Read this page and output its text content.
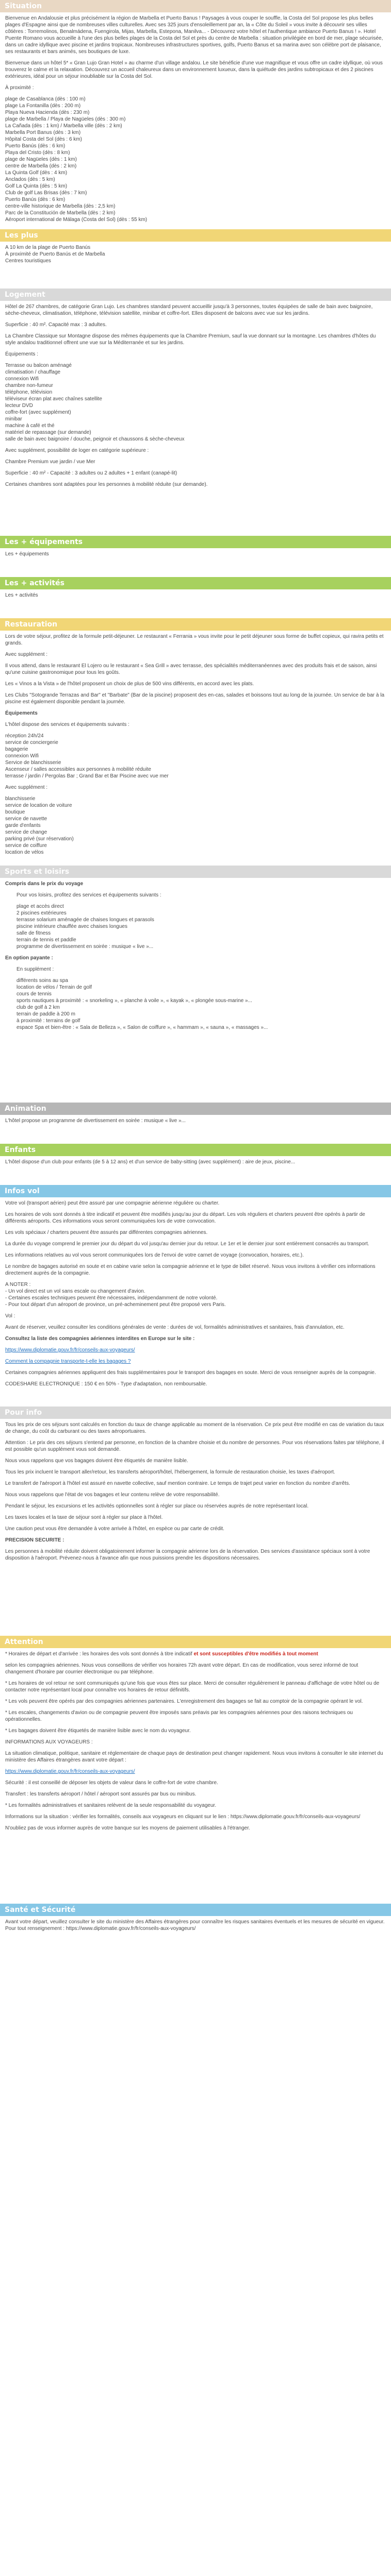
Situation

Bienvenue en Andalousie et plus précisément la région de Marbella et Puerto Banus ! Paysages à vous couper le souffle, la Costa del Sol propose les plus belles plages d'Espagne ainsi que de nombreuses villes culturelles. Avec ses 325 jours d'ensoleillement par an, la « Côte du Soleil » vous invite à découvrir ses villes côtières : Torremolinos, Benalmádena, Fuengirola, Mijas, Marbella, Estepona, Manilva... - Découvrez votre hôtel et l'authentique ambiance Puerto Banus ! ». Hotel Puente Romano vous accueille à l'une des plus belles plages de la Costa del Sol et près du centre de Marbella : situation privilégiée en bord de mer, plage sécurisée, dans un cadre idyllique avec piscine et jardins tropicaux. Nombreuses infrastructures sportives, golfs, Puerto Banus et sa marina avec son célèbre port de plaisance, ses restaurants et bars animés, ses boutiques de luxe.

Bienvenue dans un hôtel 5* « Gran Lujo Gran Hotel » au charme d'un village andalou. Le site bénéficie d'une vue magnifique et vous offre un cadre idyllique, où vous trouverez le calme et la relaxation. Découvrez un accueil chaleureux dans un environnement luxueux, dans la quiétude des jardins subtropicaux et des 2 piscines extérieures, idéal pour un séjour inoubliable sur la Costa del Sol.

À proximité :

plage de Casablanca (dès : 100 m)
plage La Fontanilla (dès : 200 m)
Playa Nueva Hacienda (dès : 230 m)
plage de Marbella / Playa de Nagüeles (dès : 300 m)
La Cañada (dès : 1 km) / Marbella ville (dès : 2 km)
Marbella Port Banus (dès : 3 km)
Hôpital Costa del Sol (dès : 6 km)
Puerto Banús (dès : 6 km)
Playa del Cristo (dès : 8 km)
plage de Nagüeles (dès : 1 km)
centre de Marbella (dès : 2 km)
La Quinta Golf (dès : 4 km)
Anclados (dès : 5 km)
Golf La Quinta (dès : 5 km)
Club de golf Las Brisas (dès : 7 km)
Puerto Banús (dès : 6 km)
centre-ville historique de Marbella (dès : 2,5 km)
Parc de la Constitución de Marbella (dès : 2 km)
Aéroport international de Málaga (Costa del Sol) (dès : 55 km)
Les plus
A 10 km de la plage de Puerto Banús
À proximité de Puerto Banús et de Marbella
Centres touristiques
Logement

Hôtel de 267 chambres, de catégorie Gran Lujo. Les chambres standard peuvent accueillir jusqu'à 3 personnes, toutes équipées de salle de bain avec baignoire, sèche-cheveux, climatisation, téléphone, télévision satellite, minibar et coffre-fort. Elles disposent de balcons avec vue sur les jardins.

Superficie : 40 m². Capacité max : 3 adultes.

La Chambre Classique sur Montagne dispose des mêmes équipements que la Chambre Premium, sauf la vue donnant sur la montagne. Les chambres d'hôtes du style andalou traditionnel offrent une vue sur la Méditerranée et sur les jardins.

Équipements :

Terrasse ou balcon aménagé
climatisation / chauffage
connexion Wifi
chambre non-fumeur
téléphone, télévision
téléviseur écran plat avec chaînes satellite
lecteur DVD
coffre-fort (avec supplément)
minibar
machine à café et thé
matériel de repassage (sur demande)
salle de bain avec baignoire / douche, peignoir et chaussons & sèche-cheveux

Avec supplément, possibilité de loger en catégorie supérieure :

Chambre Premium vue jardin / vue Mer

Superficie : 40 m² - Capacité : 3 adultes ou 2 adultes + 1 enfant (canapé-lit)

Certaines chambres sont adaptées pour les personnes à mobilité réduite (sur demande).

Les + équipements

Les + équipements

Les + activités

Les + activités

Restauration

Lors de votre séjour, profitez de la formule petit-déjeuner. Le restaurant « Ferrania » vous invite pour le petit déjeuner sous forme de buffet copieux, qui ravira petits et grands.

Avec supplément :

Il vous attend, dans le restaurant El Lojero ou le restaurant « Sea Grill » avec terrasse, des spécialités méditerranéennes avec des produits frais et de saison, ainsi qu'une cuisine gastronomique pour tous les goûts.

Les « Vinos a la Vista » de l'hôtel proposent un choix de plus de 500 vins différents, en accord avec les plats.

Les Clubs "Sotogrande Terrazas and Bar" et "Barbate" (Bar de la piscine) proposent des en-cas, salades et boissons tout au long de la journée. Un service de bar à la piscine est également disponible pendant la journée.

Équipements

L'hôtel dispose des services et équipements suivants :

réception 24h/24
service de conciergerie
bagagerie
connexion Wifi
Service de blanchisserie
Ascenseur / salles accessibles aux personnes à mobilité réduite
terrasse / jardin / Pergolas Bar ; Grand Bar et Bar Piscine avec vue mer

Avec supplément :

blanchisserie
service de location de voiture
boutique
service de navette
garde d'enfants
service de change
parking privé (sur réservation)
service de coiffure
location de vélos
Sports et loisirs

Compris dans le prix du voyage

Pour vos loisirs, profitez des services et équipements suivants :

plage et accès direct
2 piscines extérieures
terrasse solarium aménagée de chaises longues et parasols
piscine intérieure chauffée avec chaises longues
salle de fitness
terrain de tennis et paddle
programme de divertissement en soirée : musique « live »...

En option payante :

En supplément :

différents soins au spa
location de vélos / Terrain de golf
cours de tennis
sports nautiques à proximité : « snorkeling », « planche à voile », « kayak », « plongée sous-marine »...
club de golf à 2 km
terrain de paddle à 200 m
à proximité : terrains de golf
espace Spa et bien-être : « Sala de Belleza », « Salon de coiffure », « hammam », « sauna », « massages »...
Animation

L'hôtel propose un programme de divertissement en soirée : musique « live »...

Enfants

L'hôtel dispose d'un club pour enfants (de 5 à 12 ans) et d'un service de baby-sitting (avec supplément) : aire de jeux, piscine...

Infos vol

Votre vol (transport aérien) peut être assuré par une compagnie aérienne régulière ou charter.

Les horaires de vols sont donnés à titre indicatif et peuvent être modifiés jusqu'au jour du départ. Les vols réguliers et charters peuvent être opérés à partir de différents aéroports. Ces informations vous seront communiquées lors de votre convocation.

Les vols spéciaux / charters peuvent être assurés par différentes compagnies aériennes.

La durée du voyage comprend le premier jour du départ du vol jusqu'au dernier jour du retour. Le 1er et le dernier jour sont entièrement consacrés au transport.

Les informations relatives au vol vous seront communiquées lors de l'envoi de votre carnet de voyage (convocation, horaires, etc.).

Le nombre de bagages autorisé en soute et en cabine varie selon la compagnie aérienne et le type de billet réservé. Nous vous invitons à vérifier ces informations directement auprès de la compagnie.

A NOTER :
- Un vol direct est un vol sans escale ou changement d'avion.
- Certaines escales techniques peuvent être nécessaires, indépendamment de notre volonté.
- Pour tout départ d'un aéroport de province, un pré-acheminement peut être proposé vers Paris.

Vol :

Avant de réserver, veuillez consulter les conditions générales de vente : durées de vol, formalités administratives et sanitaires, frais d'annulation, etc.

Consultez la liste des compagnies aériennes interdites en Europe sur le site :

https://www.diplomatie.gouv.fr/fr/conseils-aux-voyageurs/

Comment la compagnie transporte-t-elle les bagages ?

Certaines compagnies aériennes appliquent des frais supplémentaires pour le transport des bagages en soute. Merci de vous renseigner auprès de la compagnie.

CODESHARE ELECTRONIQUE : 150 € en 50% - Type d'adaptation, non remboursable.

Pour info

Tous les prix de ces séjours sont calculés en fonction du taux de change applicable au moment de la réservation. Ce prix peut être modifié en cas de variation du taux de change, du coût du carburant ou des taxes aéroportuaires.

Attention : Le prix des ces séjours s'entend par personne, en fonction de la chambre choisie et du nombre de personnes. Pour vos réservations faites par téléphone, il est possible qu'un supplément vous soit demandé.

Nous vous rappelons que vos bagages doivent être étiquetés de manière lisible.

Tous les prix incluent le transport aller/retour, les transferts aéroport/hôtel, l'hébergement, la formule de restauration choisie, les taxes d'aéroport.

Le transfert de l'aéroport à l'hôtel est assuré en navette collective, sauf mention contraire. Le temps de trajet peut varier en fonction du nombre d'arrêts.

Nous vous rappelons que l'état de vos bagages et leur contenu relève de votre responsabilité.

Pendant le séjour, les excursions et les activités optionnelles sont à régler sur place ou réservées auprès de notre représentant local.

Les taxes locales et la taxe de séjour sont à régler sur place à l'hôtel.

Une caution peut vous être demandée à votre arrivée à l'hôtel, en espèce ou par carte de crédit.

PRECISION SECURITE :

Les personnes à mobilité réduite doivent obligatoirement informer la compagnie aérienne lors de la réservation. Des services d'assistance spéciaux sont à votre disposition à l'aéroport. Prévenez-nous à l'avance afin que nous puissions prendre les dispositions nécessaires.

Attention

* Horaires de départ et d'arrivée : les horaires des vols sont donnés à titre indicatif et sont susceptibles d'être modifiés à tout moment

selon les compagnies aériennes. Nous vous conseillons de vérifier vos horaires 72h avant votre départ. En cas de modification, vous serez informé de tout changement d'horaire par courrier électronique ou par téléphone.

* Les horaires de vol retour ne sont communiqués qu'une fois que vous êtes sur place. Merci de consulter régulièrement le panneau d'affichage de votre hôtel ou de contacter notre représentant local pour connaître vos horaires de retour définitifs.

* Les vols peuvent être opérés par des compagnies aériennes partenaires. L'enregistrement des bagages se fait au comptoir de la compagnie opérant le vol.

* Les escales, changements d'avion ou de compagnie peuvent être imposés sans préavis par les compagnies aériennes pour des raisons techniques ou opérationnelles.

* Les bagages doivent être étiquetés de manière lisible avec le nom du voyageur.

INFORMATIONS AUX VOYAGEURS :

La situation climatique, politique, sanitaire et réglementaire de chaque pays de destination peut changer rapidement. Nous vous invitons à consulter le site internet du ministère des Affaires étrangères avant votre départ :

https://www.diplomatie.gouv.fr/fr/conseils-aux-voyageurs/

Sécurité : il est conseillé de déposer les objets de valeur dans le coffre-fort de votre chambre.

Transfert : les transferts aéroport / hôtel / aéroport sont assurés par bus ou minibus.

* Les formalités administratives et sanitaires relèvent de la seule responsabilité du voyageur.

Informations sur la situation : vérifier les formalités, conseils aux voyageurs en cliquant sur le lien : https://www.diplomatie.gouv.fr/fr/conseils-aux-voyageurs/

N'oubliez pas de vous informer auprès de votre banque sur les moyens de paiement utilisables à l'étranger.

Santé et Sécurité

Avant votre départ, veuillez consulter le site du ministère des Affaires étrangères pour connaître les risques sanitaires éventuels et les mesures de sécurité en vigueur. Pour tout renseignement : https://www.diplomatie.gouv.fr/fr/conseils-aux-voyageurs/
